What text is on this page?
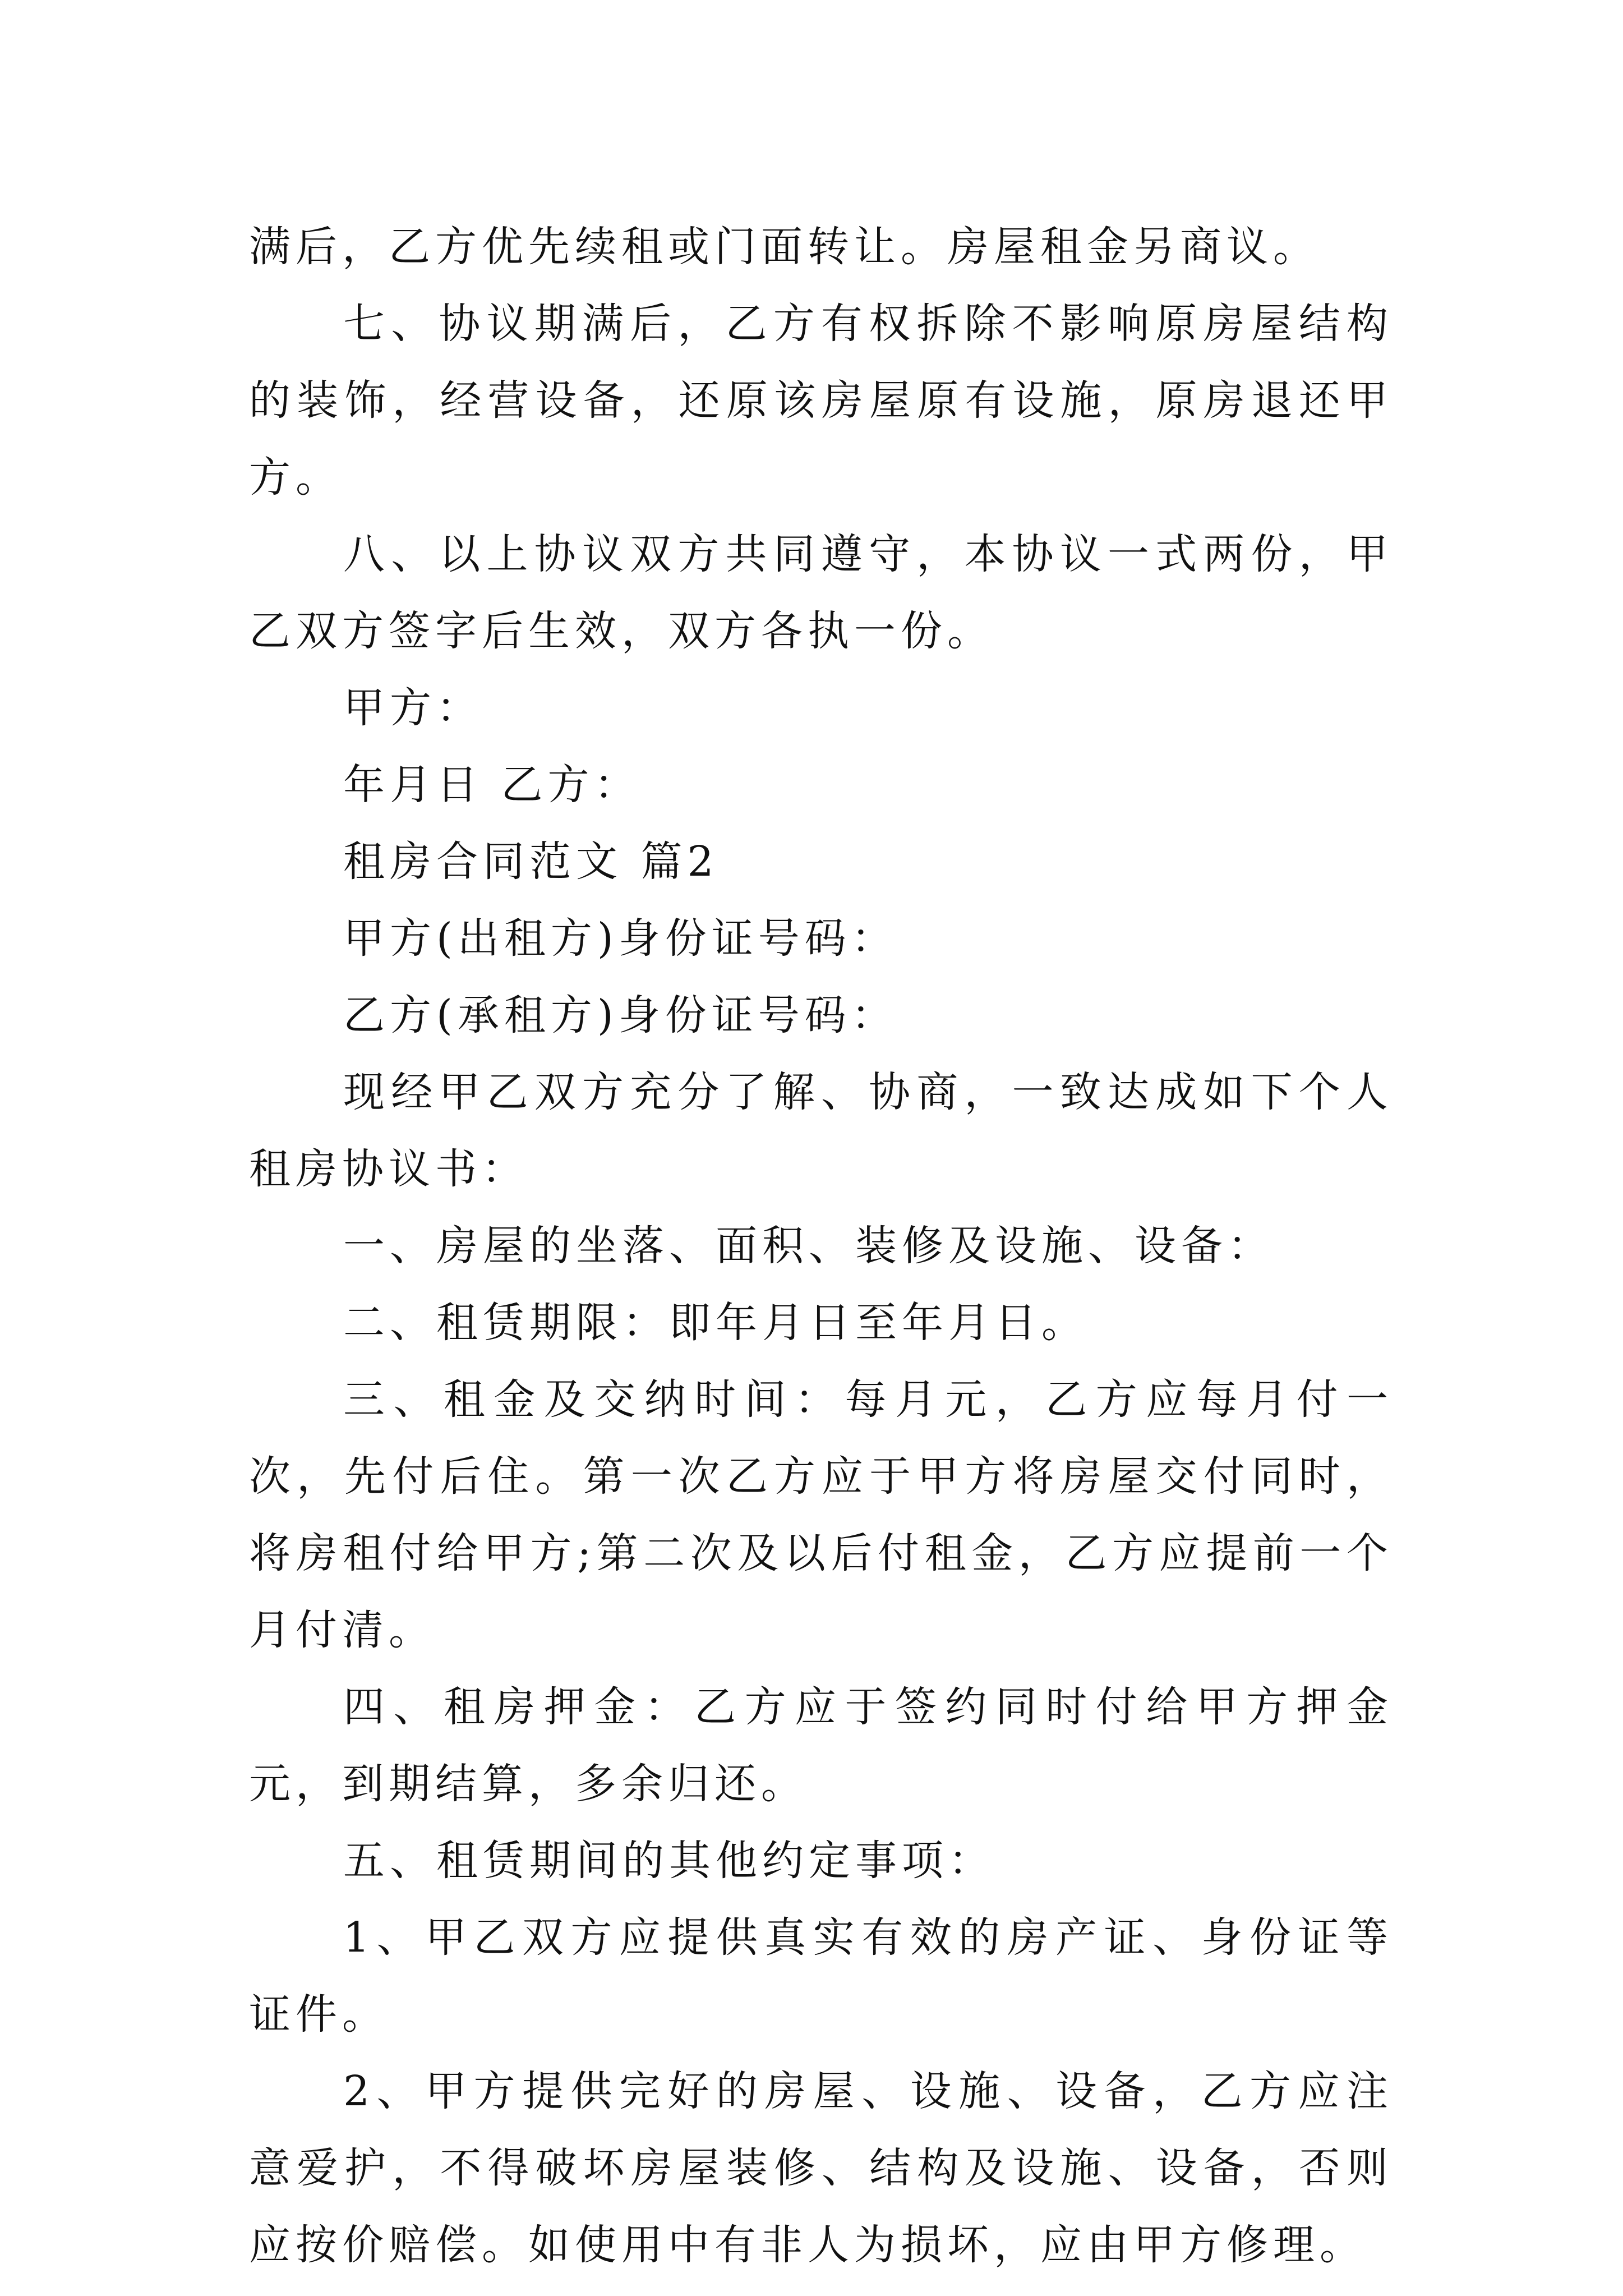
满后，乙方优先续租或门面转让。房屋租金另商议。

七、协议期满后，乙方有权拆除不影响原房屋结构的装饰，经营设备，还原该房屋原有设施，原房退还甲方。

八、以上协议双方共同遵守，本协议一式两份，甲乙双方签字后生效，双方各执一份。

甲方：

年月日 乙方：

租房合同范文 篇2

甲方(出租方)身份证号码：

乙方(承租方)身份证号码：

现经甲乙双方充分了解、协商，一致达成如下个人租房协议书：

一、房屋的坐落、面积、装修及设施、设备：

二、租赁期限：即年月日至年月日。

三、租金及交纳时间：每月元，乙方应每月付一次，先付后住。第一次乙方应于甲方将房屋交付同时，将房租付给甲方;第二次及以后付租金，乙方应提前一个月付清。

四、租房押金：乙方应于签约同时付给甲方押金元，到期结算，多余归还。

五、租赁期间的其他约定事项：

1、甲乙双方应提供真实有效的房产证、身份证等证件。

2、甲方提供完好的房屋、设施、设备，乙方应注意爱护，不得破坏房屋装修、结构及设施、设备，否则应按价赔偿。如使用中有非人为损坏，应由甲方修理。
